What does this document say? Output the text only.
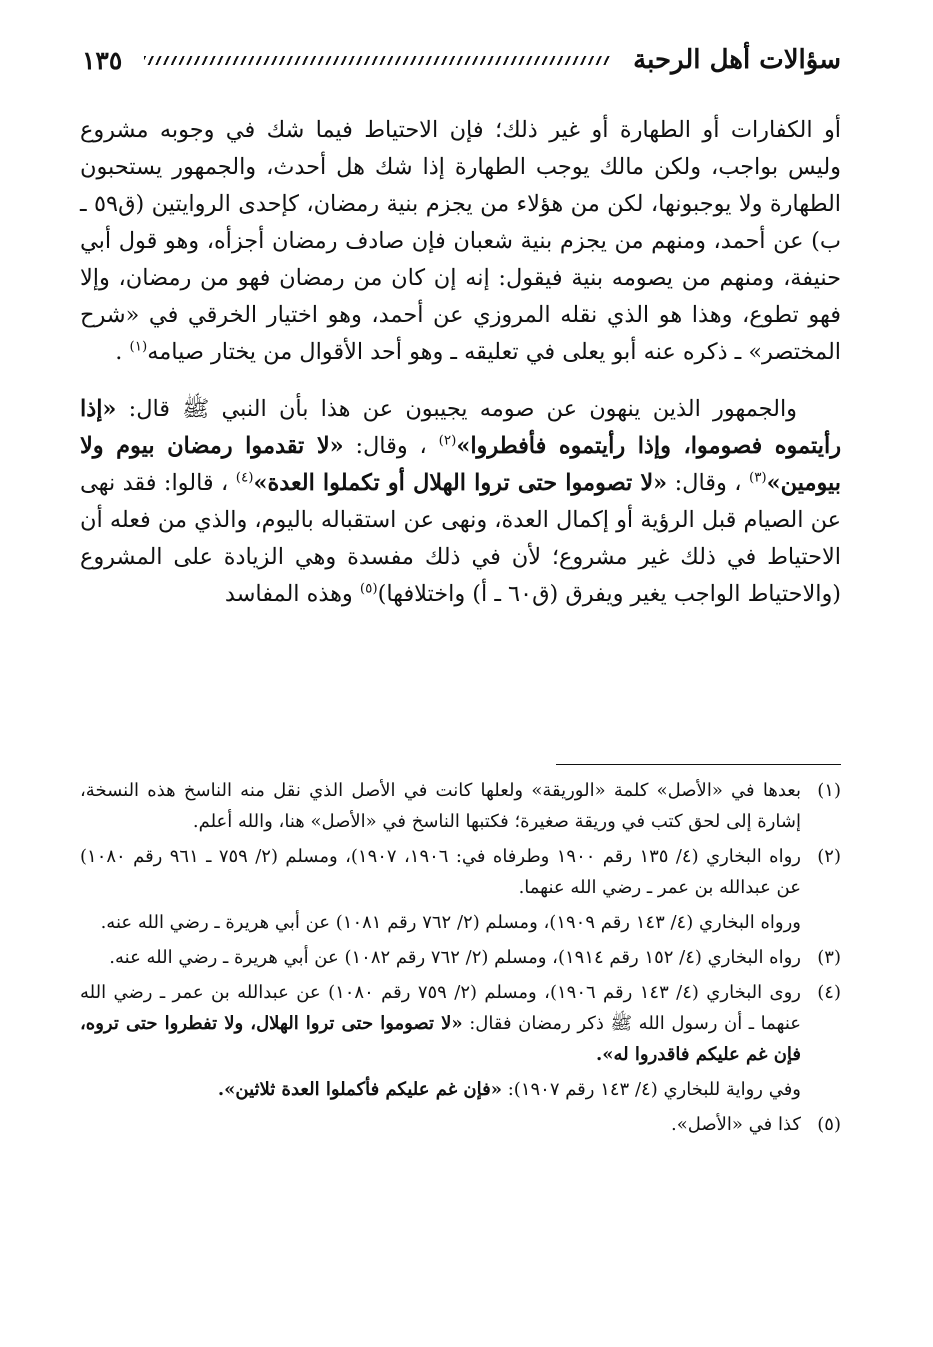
سؤالات أهل الرحبة
١٣٥

أو الكفارات أو الطهارة أو غير ذلك؛ فإن الاحتياط فيما شك في وجوبه مشروع وليس بواجب، ولكن مالك يوجب الطهارة إذا شك هل أحدث، والجمهور يستحبون الطهارة ولا يوجبونها، لكن من هؤلاء من يجزم بنية رمضان، كإحدى الروايتين (ق٥٩ ـ ب) عن أحمد، ومنهم من يجزم بنية شعبان فإن صادف رمضان أجزأه، وهو قول أبي حنيفة، ومنهم من يصومه بنية فيقول: إنه إن كان من رمضان فهو من رمضان، وإلا فهو تطوع، وهذا هو الذي نقله المروزي عن أحمد، وهو اختيار الخرقي في «شرح المختصر» ـ ذكره عنه أبو يعلى في تعليقه ـ وهو أحد الأقوال من يختار صيامه$^{(١)}$ .

والجمهور الذين ينهون عن صومه يجيبون عن هذا بأن النبي ﷺ قال: «إذا رأيتموه فصوموا، وإذا رأيتموه فأفطروا»$^{(٢)}$ ، وقال: «لا تقدموا رمضان بيوم ولا بيومين»$^{(٣)}$ ، وقال: «لا تصوموا حتى تروا الهلال أو تكملوا العدة»$^{(٤)}$ ، قالوا: فقد نهى عن الصيام قبل الرؤية أو إكمال العدة، ونهى عن استقباله باليوم، والذي من فعله أن الاحتياط في ذلك غير مشروع؛ لأن في ذلك مفسدة وهي الزيادة على المشروع (والاحتياط الواجب يغير ويفرق (ق٦٠ ـ أ) واختلافها)$^{(٥)}$ وهذه المفاسد

(١)بعدها في «الأصل» كلمة «الوريقة» ولعلها كانت في الأصل الذي نقل منه الناسخ هذه النسخة، إشارة إلى لحق كتب في وريقة صغيرة؛ فكتبها الناسخ في «الأصل» هنا، والله أعلم.

(٢)رواه البخاري (٤/ ١٣٥ رقم ١٩٠٠ وطرفاه في: ١٩٠٦، ١٩٠٧)، ومسلم (٢/ ٧٥٩ ـ ٩٦١ رقم ١٠٨٠) عن عبدالله بن عمر ـ رضي الله عنهما.

ورواه البخاري (٤/ ١٤٣ رقم ١٩٠٩)، ومسلم (٢/ ٧٦٢ رقم ١٠٨١) عن أبي هريرة ـ رضي الله عنه.

(٣)رواه البخاري (٤/ ١٥٢ رقم ١٩١٤)، ومسلم (٢/ ٧٦٢ رقم ١٠٨٢) عن أبي هريرة ـ رضي الله عنه.

(٤)روى البخاري (٤/ ١٤٣ رقم ١٩٠٦)، ومسلم (٢/ ٧٥٩ رقم ١٠٨٠) عن عبدالله بن عمر ـ رضي الله عنهما ـ أن رسول الله ﷺ ذكر رمضان فقال: «لا تصوموا حتى تروا الهلال، ولا تفطروا حتى تروه، فإن غم عليكم فاقدروا له».

وفي رواية للبخاري (٤/ ١٤٣ رقم ١٩٠٧): «فإن غم عليكم فأكملوا العدة ثلاثين».

(٥)كذا في «الأصل».
